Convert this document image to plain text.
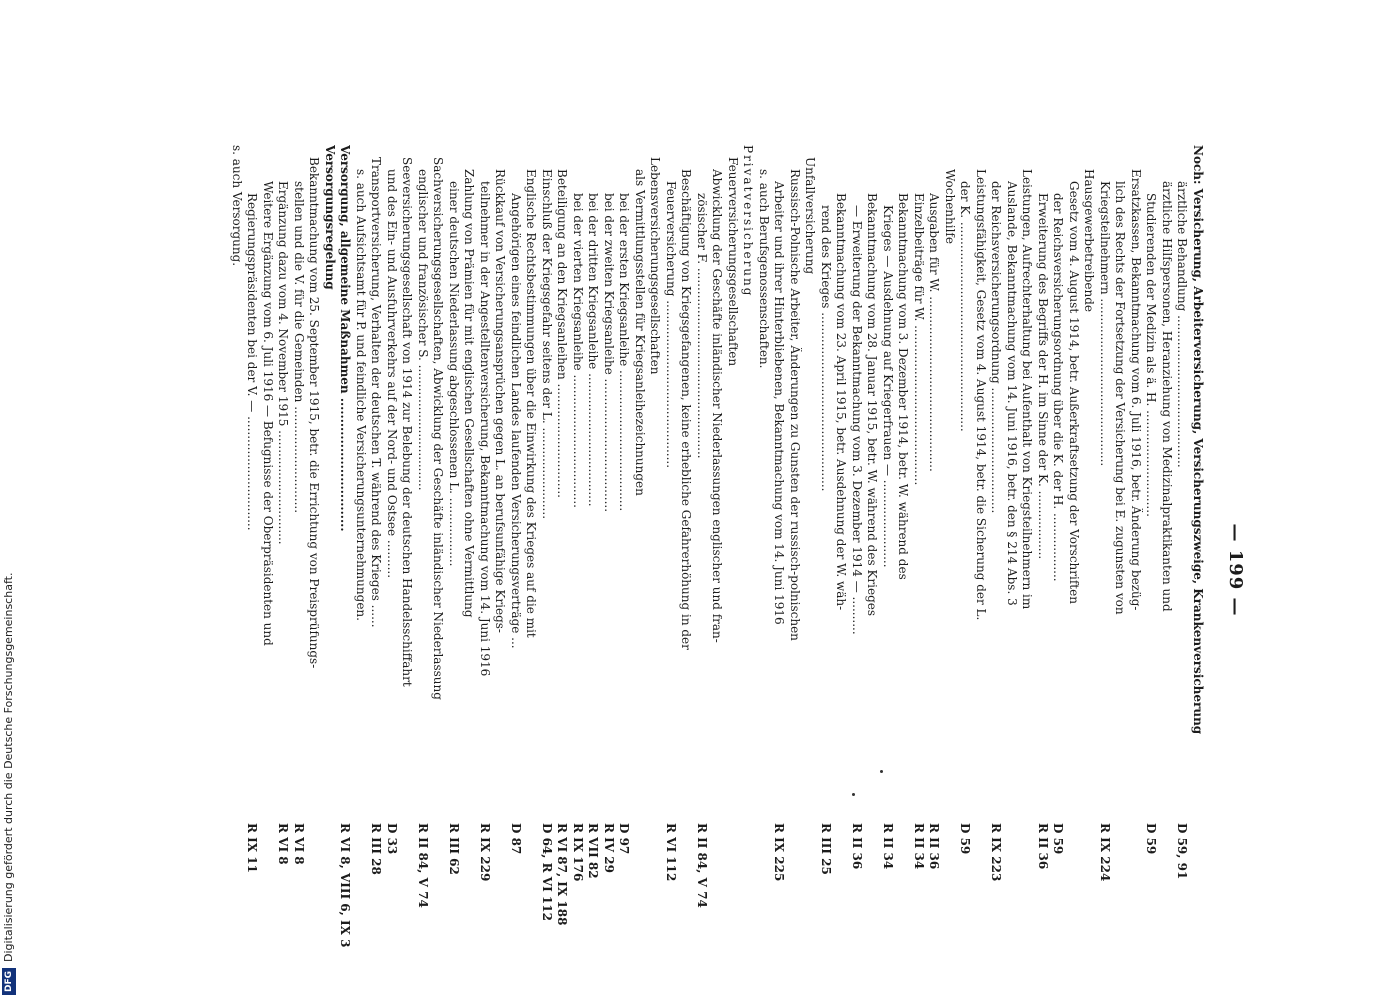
— 199 —
Noch: Versicherung, Arbeiterversicherung, Versicherungszweige, Krankenversicherung
ärztliche Behandlung ........................................
D 59, 91
ärztliche Hilfspersonen, Heranziehung von Medizinalpraktikanten und
Studierenden der Medizin als ä. H. ............................
D 59
Ersatzkassen, Bekanntmachung vom 6. Juli 1916, betr. Änderung bezüg-
lich des Rechts der Fortsetzung der Versicherung bei E. zugunsten von
Kriegsteilnehmern ............................................
R IX 224
Hausgewerbetreibende
Gesetz vom 4. August 1914, betr. Außerkraftsetzung der Vorschriften
der Reichsversicherungsordnung über die K. der H. ..................
D 59
Erweiterung des Begriffs der H. im Sinne der K. ..................
R II 36
Leistungen, Aufrechterhaltung bei Aufenthalt von Kriegsteilnehmern im
Auslande, Bekanntmachung vom 14. Juni 1916, betr. den § 214 Abs. 3
der Reichsversicherungsordnung .................................
R IX 223
Leistungsfähigkeit, Gesetz vom 4. August 1914, betr. die Sicherung der L.
der K. .......................................................
D 59
Wochenhilfe
Ausgaben für W. ..............................................
R II 36
Einzelbeiträge für W. ..........................................
R II 34
Bekanntmachung vom 3. Dezember 1914, betr. W. während des
Krieges — Ausdehnung auf Kriegerfrauen — .......................
R II 34
Bekanntmachung vom 28. Januar 1915, betr. W. während des Krieges
— Erweiterung der Bekanntmachung vom 3. Dezember 1914 — ..........
R II 36
Bekanntmachung vom 23. April 1915, betr. Ausdehnung der W. wäh-
rend des Krieges ...............................................
R III 25
Unfallversicherung
Russisch-Polnische Arbeiter, Änderungen zu Gunsten der russisch-polnischen
Arbeiter und ihrer Hinterbliebenen, Bekanntmachung vom 14. Juni 1916
R IX 225
s. auch Berufsgenossenschaften.
Privatversicherung
Feuerversicherungsgesellschaften
Abwicklung der Geschäfte inländischer Niederlassungen englischer und fran-
zösischer F. ..................................................
R II 84, V 74
Beschäftigung von Kriegsgefangenen, keine erhebliche Gefahrerhöhung in der
Feuerversicherung ............................................
R VI 112
Lebensversicherungsgesellschaften
als Vermittlungsstellen für Kriegsanleihezeichnungen
bei der ersten Kriegsanleihe .....................................
D 97
bei der zweiten Kriegsanleihe ...................................
R IV 29
bei der dritten Kriegsanleihe ...................................
R VII 82
bei der vierten Kriegsanleihe ...................................
R IX 176
Beteiligung an den Kriegsanleihen ..............................
R VI 87, IX 188
Einschluß der Kriegsgefahr seitens der L. ........................
D 64, R VI 112
Englische Rechtsbestimmungen über die Einwirkung des Krieges auf die mit
Angehörigen eines feindlichen Landes laufenden Versicherungsverträge ...
D 87
Rückkauf von Versicherungsansprüchen gegen L. an berufsunfähige Kriegs-
teilnehmer in der Angestelltenversicherung, Bekanntmachung vom 14. Juni 1916
R IX 229
Zahlung von Prämien für mit englischen Gesellschaften ohne Vermittlung
einer deutschen Niederlassung abgeschlossenen L. ..................
R III 62
Sachversicherungsgesellschaften, Abwicklung der Geschäfte inländischer Niederlassung
englischer und französischer S. .................................
R II 84, V 74
Seeversicherungsgesellschaft von 1914 zur Belebung der deutschen Handelsschiffahrt
und des Ein- und Ausfuhrverkehrs auf der Nord- und Ostsee ..........
D 33
Transportversicherung, Verhalten der deutschen T. während des Krieges ......
R III 28
s. auch Aufsichtsamt für P. und feindliche Versicherungsunternehmungen.
Versorgung, allgemeine Maßnahmen ................................
R VI 8, VIII 6, IX 3
Versorgungsregelung
Bekanntmachung vom 25. September 1915, betr. die Errichtung von Preisprüfungs-
stellen und die V. für die Gemeinden ............................
R VI 8
Ergänzung dazu vom 4. November 1915 ..............................
R VI 8
Weitere Ergänzung vom 6. Juli 1916 — Befugnisse der Oberpräsidenten und
Regierungspräsidenten bei der V. — ..............................
R IX 11
s. auch Versorgung.
DFGDigitalisierung gefördert durch die Deutsche Forschungsgemeinschaft.
